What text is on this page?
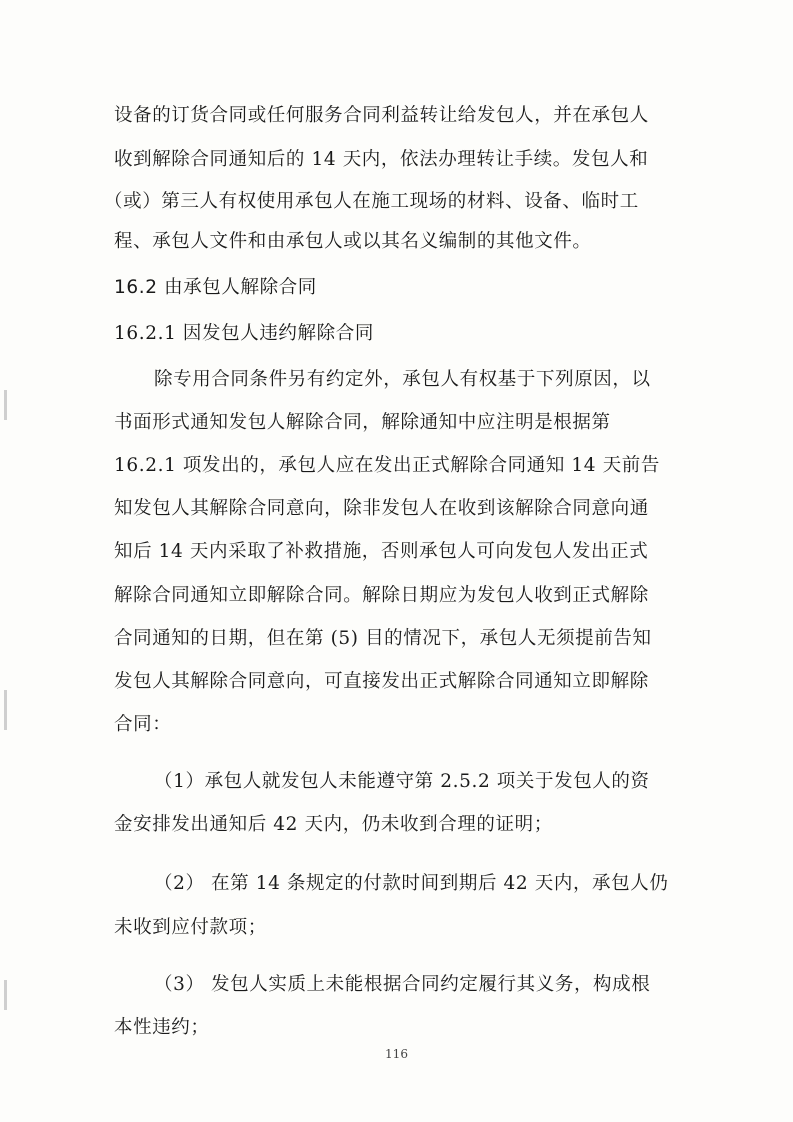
设备的订货合同或任何服务合同利益转让给发包人，并在承包人
收到解除合同通知后的 14 天内，依法办理转让手续。发包人和
（或）第三人有权使用承包人在施工现场的材料、设备、临时工
程、承包人文件和由承包人或以其名义编制的其他文件。
16.2 由承包人解除合同
16.2.1 因发包人违约解除合同
除专用合同条件另有约定外，承包人有权基于下列原因，以
书面形式通知发包人解除合同，解除通知中应注明是根据第
16.2.1 项发出的，承包人应在发出正式解除合同通知 14 天前告
知发包人其解除合同意向，除非发包人在收到该解除合同意向通
知后 14 天内采取了补救措施，否则承包人可向发包人发出正式
解除合同通知立即解除合同。解除日期应为发包人收到正式解除
合同通知的日期，但在第 (5) 目的情况下，承包人无须提前告知
发包人其解除合同意向，可直接发出正式解除合同通知立即解除
合同：
（1）承包人就发包人未能遵守第 2.5.2 项关于发包人的资
金安排发出通知后 42 天内，仍未收到合理的证明；
（2） 在第 14 条规定的付款时间到期后 42 天内，承包人仍
未收到应付款项；
（3） 发包人实质上未能根据合同约定履行其义务，构成根
本性违约；
116
